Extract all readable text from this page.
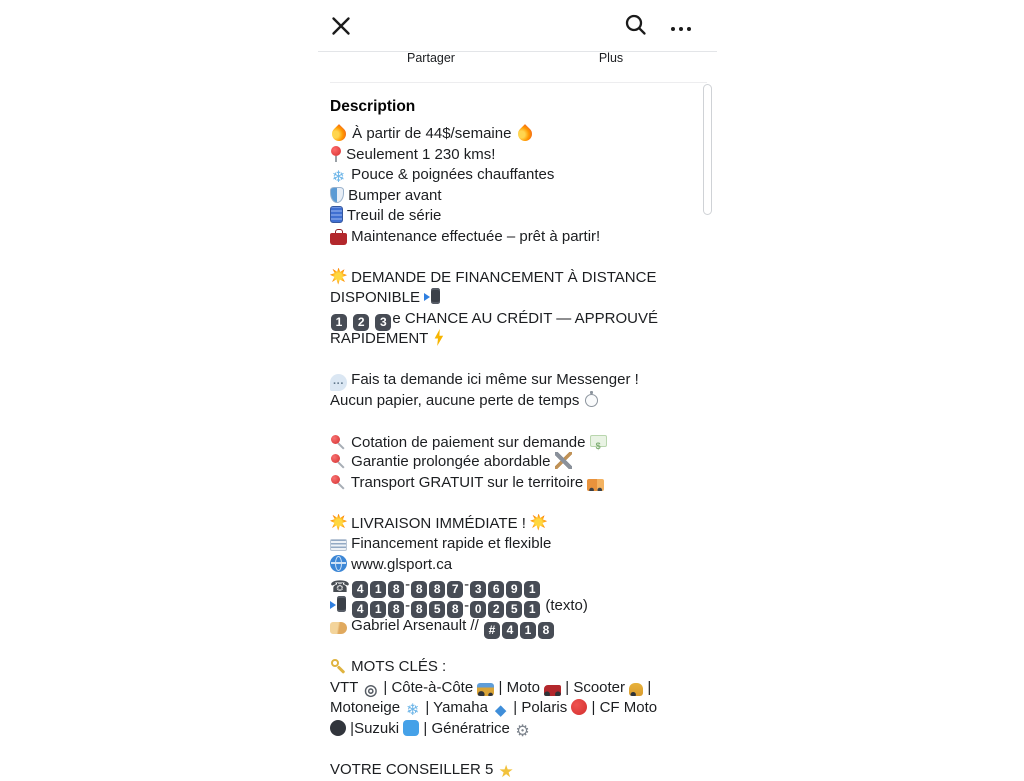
Partager	Plus
Description
À partir de 44$/semaine
Seulement 1 230 kms!
❄  Pouce & poignées chauffantes
Bumper avant
Treuil de série
Maintenance effectuée – prêt à partir!
DEMANDE DE FINANCEMENT À DISTANCE
DISPONIBLE
1 2 3 e CHANCE AU CRÉDIT — APPROUVÉ
RAPIDEMENT
···  Fais ta demande ici même sur Messenger !
Aucun papier, aucune perte de temps
Cotation de paiement sur demande $
Garantie prolongée abordable
Transport GRATUIT sur le territoire
LIVRAISON IMMÉDIATE !
Financement rapide et flexible
www.glsport.ca
☎  4 1 8 - 8 8 7 - 3 6 9 1
4 1 8 - 8 5 8 - 0 2 5 1 (texto)
Gabriel Arsenault // # 4 1 8
MOTS CLÉS :
VTT ◎  | Côte-à-Côte  | Moto  | Scooter  |
Motoneige ❄  | Yamaha ◆  | Polaris  | CF Moto
|Suzuki  | Génératrice ⚙
VOTRE CONSEILLER 5 ★
